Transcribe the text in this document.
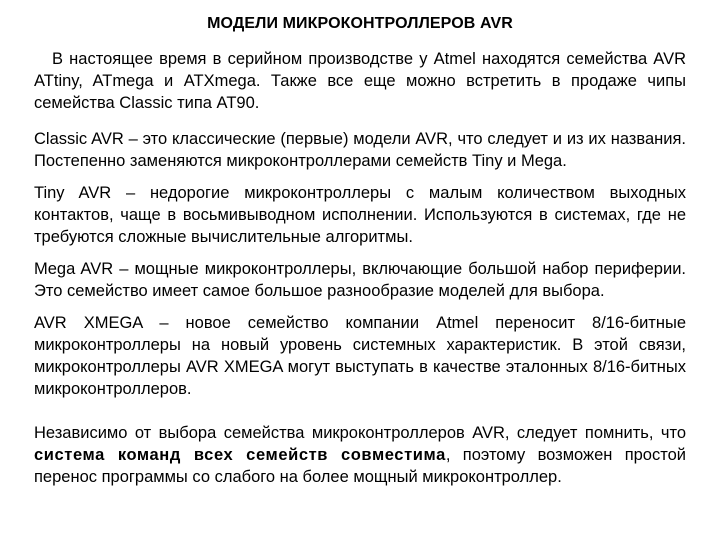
МОДЕЛИ МИКРОКОНТРОЛЛЕРОВ AVR

В настоящее время в серийном производстве у Atmel находятся семейства AVR ATtiny, ATmega и ATXmega. Также все еще можно встретить в продаже чипы семейства Classic типа AT90.

Classic AVR – это классические (первые) модели AVR, что следует и из их названия. Постепенно заменяются микроконтроллерами семейств Tiny и Mega.

Tiny AVR – недорогие микроконтроллеры с малым количеством выходных контактов, чаще в восьмивыводном исполнении. Используются в системах, где не требуются сложные вычислительные алгоритмы.

Mega AVR – мощные микроконтроллеры, включающие большой набор периферии. Это семейство имеет самое большое разнообразие моделей для выбора.

AVR XMEGA – новое семейство компании Atmel переносит 8/16-битные микроконтроллеры на новый уровень системных характеристик. В этой связи, микроконтроллеры AVR XMEGA могут выступать в качестве эталонных 8/16-битных микроконтроллеров.

Независимо от выбора семейства микроконтроллеров AVR, следует помнить, что система команд всех семейств совместима, поэтому возможен простой перенос программы со слабого на более мощный микроконтроллер.
